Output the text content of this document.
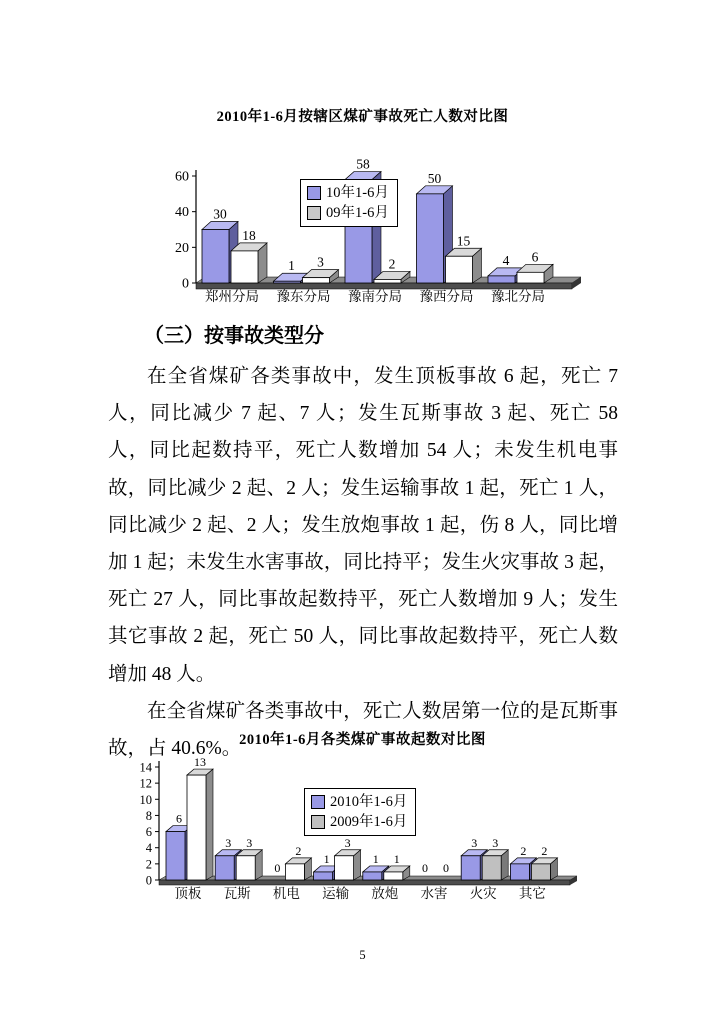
2010年1-6月按辖区煤矿事故死亡人数对比图
0
20
40
60
30
18
郑州分局
1 3
豫东分局
58
2
豫南分局
50
15
豫西分局
4 6
豫北分局
10年1-6月
09年1-6月
（三）按事故类型分

在全省煤矿各类事故中，发生顶板事故 6 起，死亡 7 人，同比减少 7 起、7 人；发生瓦斯事故 3 起、死亡 58 人，同比起数持平，死亡人数增加 54 人；未发生机电事故，同比减少 2 起、2 人；发生运输事故 1 起，死亡 1 人，同比减少 2 起、2 人；发生放炮事故 1 起，伤 8 人，同比增加 1 起；未发生水害事故，同比持平；发生火灾事故 3 起，死亡 27 人，同比事故起数持平，死亡人数增加 9 人；发生其它事故 2 起，死亡 50 人，同比事故起数持平，死亡人数增加 48 人。

在全省煤矿各类事故中，死亡人数居第一位的是瓦斯事故，占 40.6%。

2010年1-6月各类煤矿事故起数对比图
0
2
4
6
8
10
12
14
6
13
顶板
3 3
瓦斯
0
2
机电
1
3
运输
1 1
放炮
0 0
水害
3 3
火灾
2 2
其它
2010年1-6月
2009年1-6月
5
